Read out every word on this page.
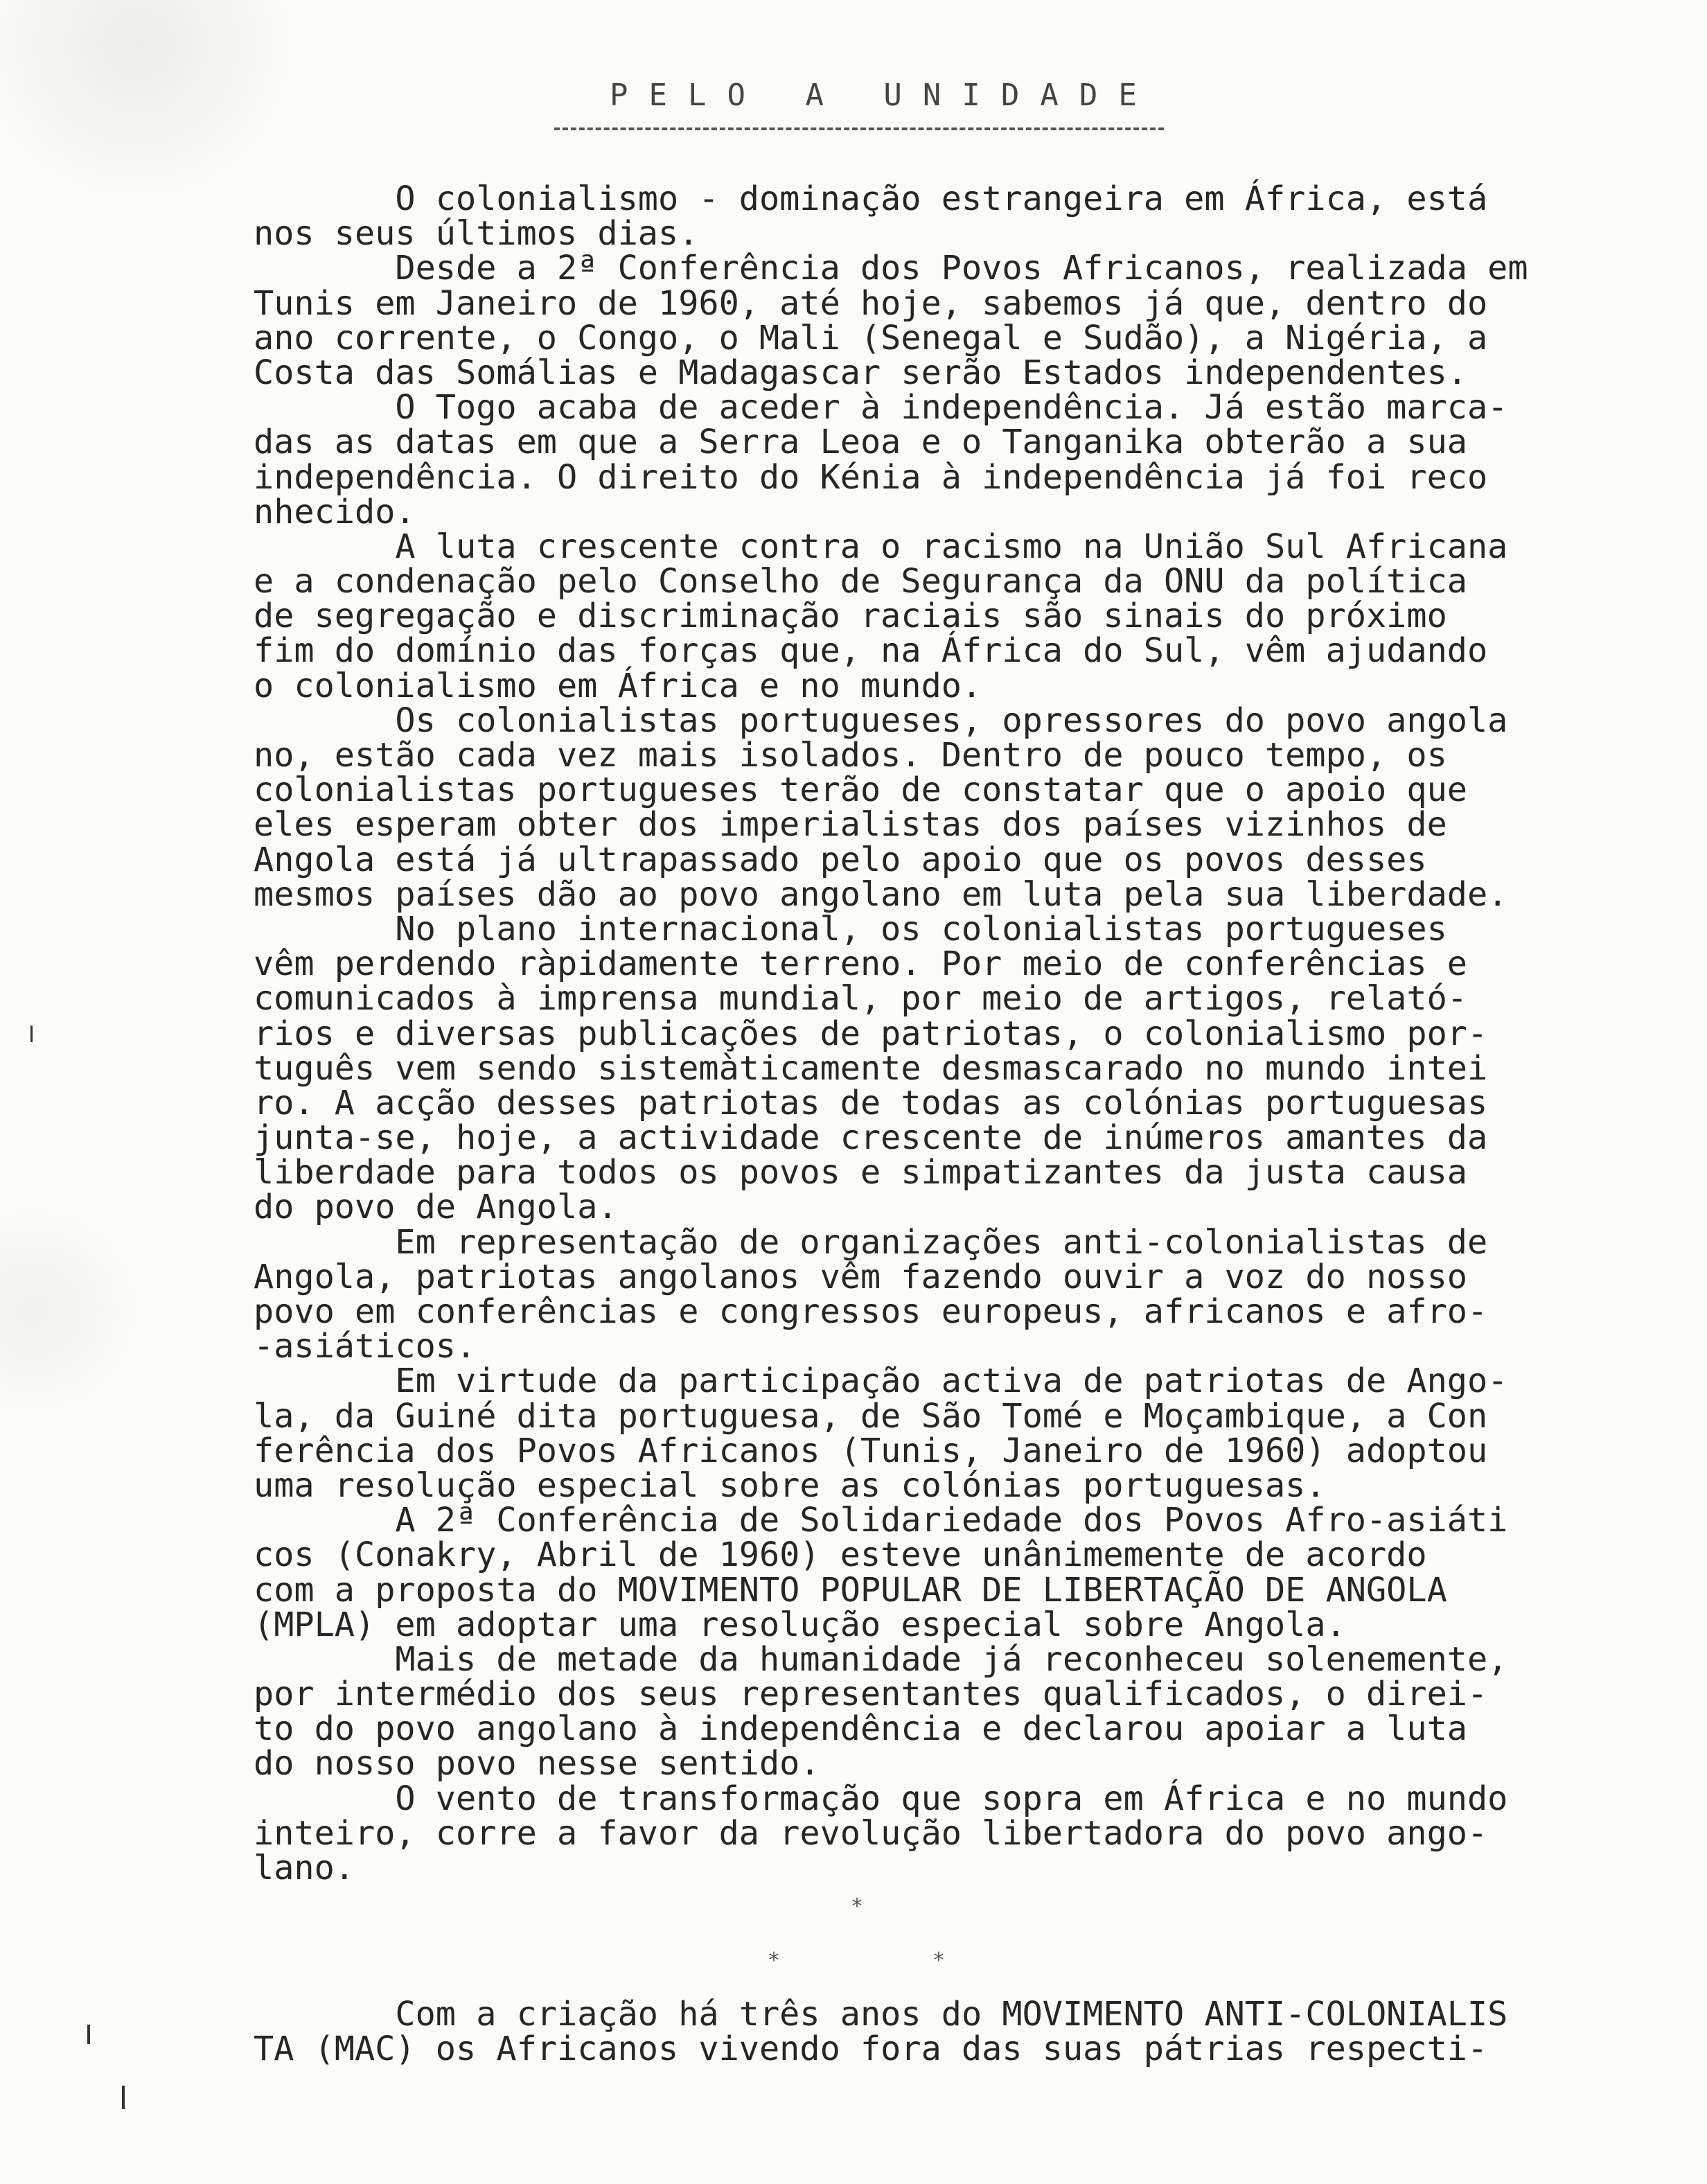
PELO A UNIDADE
O colonialismo - dominação estrangeira em África, está
nos seus últimos dias.
Desde a 2ª Conferência dos Povos Africanos, realizada em
Tunis em Janeiro de 1960, até hoje, sabemos já que, dentro do
ano corrente, o Congo, o Mali (Senegal e Sudão), a Nigéria, a
Costa das Somálias e Madagascar serão Estados independentes.
O Togo acaba de aceder à independência. Já estão marca-
das as datas em que a Serra Leoa e o Tanganika obterão a sua
independência. O direito do Kénia à independência já foi reco
nhecido.
A luta crescente contra o racismo na União Sul Africana
e a condenação pelo Conselho de Segurança da ONU da política
de segregação e discriminação raciais são sinais do próximo
fim do domínio das forças que, na África do Sul, vêm ajudando
o colonialismo em África e no mundo.
Os colonialistas portugueses, opressores do povo angola
no, estão cada vez mais isolados. Dentro de pouco tempo, os
colonialistas portugueses terão de constatar que o apoio que
eles esperam obter dos imperialistas dos países vizinhos de
Angola está já ultrapassado pelo apoio que os povos desses
mesmos países dão ao povo angolano em luta pela sua liberdade.
No plano internacional, os colonialistas portugueses
vêm perdendo ràpidamente terreno. Por meio de conferências e
comunicados à imprensa mundial, por meio de artigos, relató-
rios e diversas publicações de patriotas, o colonialismo por-
tuguês vem sendo sistemàticamente desmascarado no mundo intei
ro. A acção desses patriotas de todas as colónias portuguesas
junta-se, hoje, a actividade crescente de inúmeros amantes da
liberdade para todos os povos e simpatizantes da justa causa
do povo de Angola.
Em representação de organizações anti-colonialistas de
Angola, patriotas angolanos vêm fazendo ouvir a voz do nosso
povo em conferências e congressos europeus, africanos e afro-
-asiáticos.
Em virtude da participação activa de patriotas de Ango-
la, da Guiné dita portuguesa, de São Tomé e Moçambique, a Con
ferência dos Povos Africanos (Tunis, Janeiro de 1960) adoptou
uma resolução especial sobre as colónias portuguesas.
A 2ª Conferência de Solidariedade dos Povos Afro-asiáti
cos (Conakry, Abril de 1960) esteve unânimemente de acordo
com a proposta do MOVIMENTO POPULAR DE LIBERTAÇÃO DE ANGOLA
(MPLA) em adoptar uma resolução especial sobre Angola.
Mais de metade da humanidade já reconheceu solenemente,
por intermédio dos seus representantes qualificados, o direi-
to do povo angolano à independência e declarou apoiar a luta
do nosso povo nesse sentido.
O vento de transformação que sopra em África e no mundo
inteiro, corre a favor da revolução libertadora do povo ango-
lano.
*
*	*
Com a criação há três anos do MOVIMENTO ANTI-COLONIALIS
TA (MAC) os Africanos vivendo fora das suas pátrias respecti-
